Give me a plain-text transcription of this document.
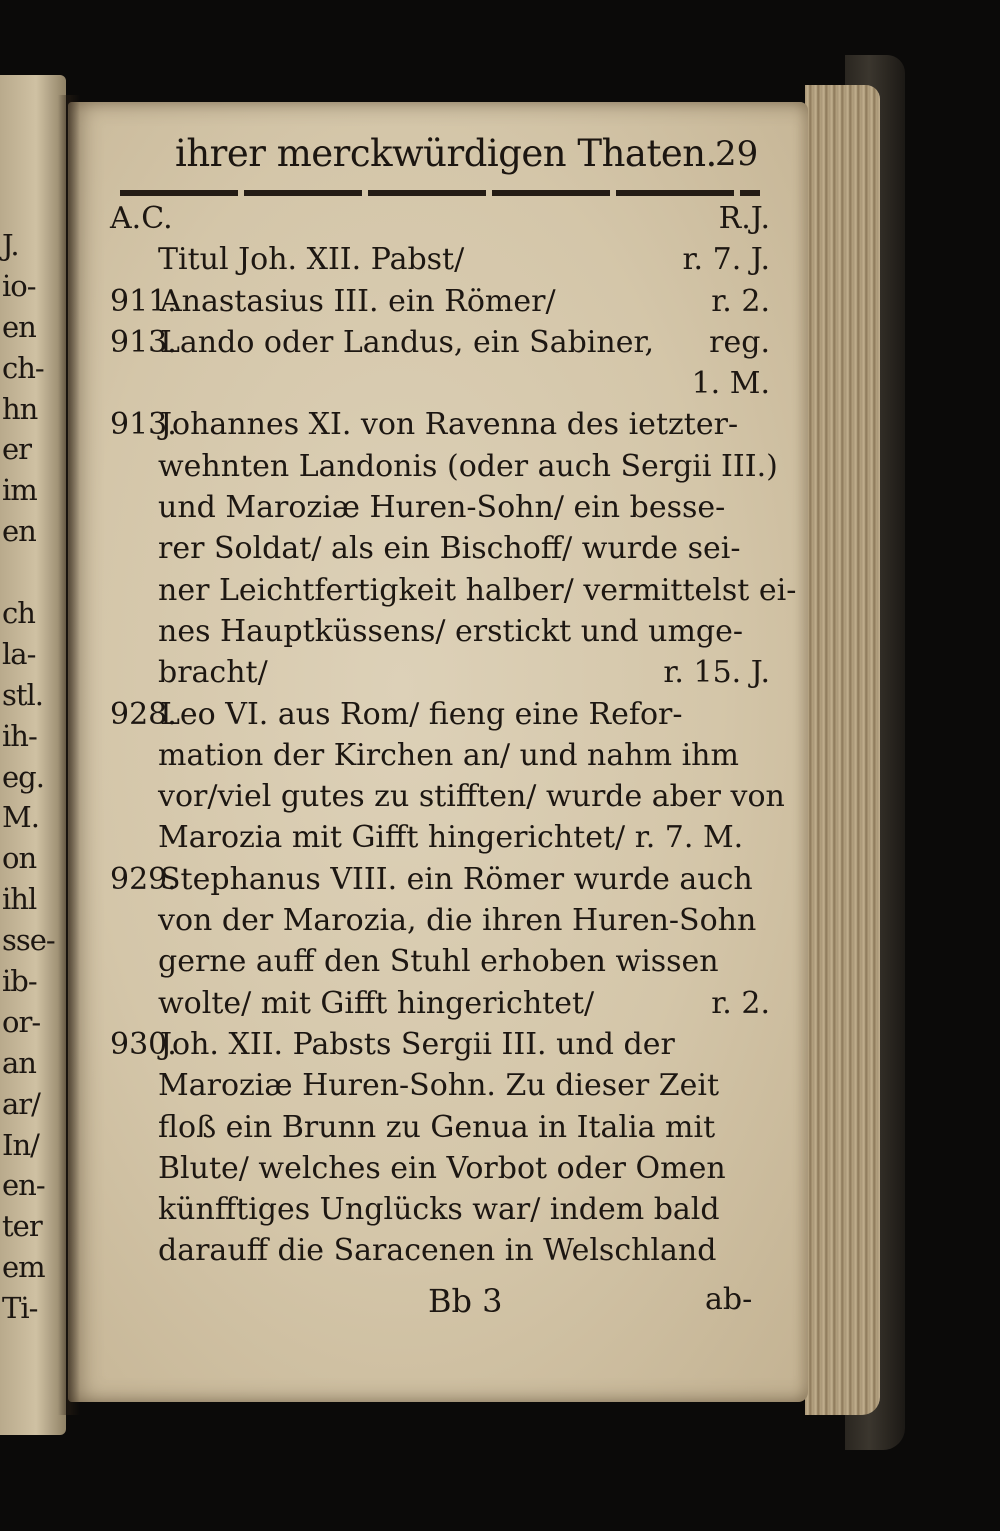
J.
io-
en
ch-
hn
er
im
en
ch
la-
stl.
ih-
eg.
M.
on
ihl
sse-
ib-
or-
an
ar/
In/
en-
ter
em
Ti-
ihrer merckwürdigen Thaten.
29
A.C.	R.J.
Titul Joh. XII. Pabst/	r. 7. J.
911.Anastasius III. ein Römer/	r. 2.
913.Lando oder Landus, ein Sabiner, reg.
1. M.
913.Johannes XI. von Ravenna des ietzter-
wehnten Landonis (oder auch Sergii III.)
und Maroziæ Huren-Sohn/ ein besse-
rer Soldat/ als ein Bischoff/ wurde sei-
ner Leichtfertigkeit halber/ vermittelst ei-
nes Hauptküssens/ erstickt und umge-
bracht/	r. 15. J.
928.Leo VI. aus Rom/ fieng eine Refor-
mation der Kirchen an/ und nahm ihm
vor/viel gutes zu stifften/ wurde aber von
Marozia mit Gifft hingerichtet/ r. 7. M.
929.Stephanus VIII. ein Römer wurde auch
von der Marozia, die ihren Huren-Sohn
gerne auff den Stuhl erhoben wissen
wolte/ mit Gifft hingerichtet/	r. 2.
930.Joh. XII. Pabsts Sergii III. und der
Maroziæ Huren-Sohn. Zu dieser Zeit
floß ein Brunn zu Genua in Italia mit
Blute/ welches ein Vorbot oder Omen
künfftiges Unglücks war/ indem bald
darauff die Saracenen in Welschland
Bb 3	ab-
